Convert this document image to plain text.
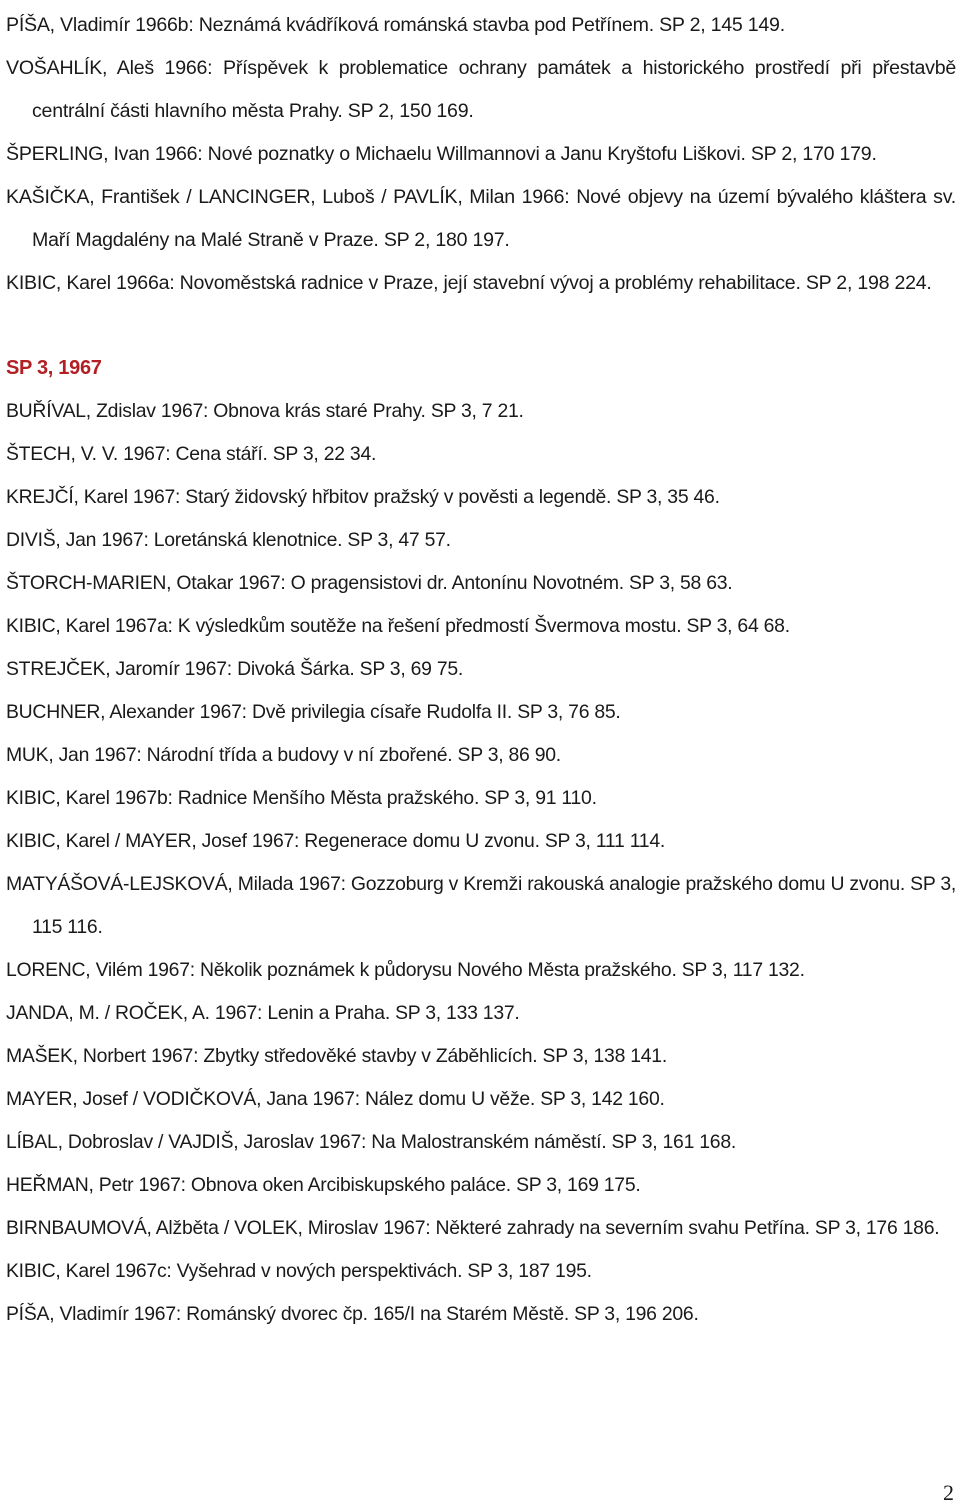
PÍŠA, Vladimír 1966b: Neznámá kvádříková románská stavba pod Petřínem. SP 2, 145 149.

VOŠAHLÍK, Aleš 1966: Příspěvek k problematice ochrany památek a historického prostředí při přestavbě centrální části hlavního města Prahy. SP 2, 150 169.

ŠPERLING, Ivan 1966: Nové poznatky o Michaelu Willmannovi a Janu Kryštofu Liškovi. SP 2, 170 179.

KAŠIČKA, František / LANCINGER, Luboš / PAVLÍK, Milan 1966: Nové objevy na území bývalého kláštera sv. Maří Magdalény na Malé Straně v Praze. SP 2, 180 197.

KIBIC, Karel 1966a: Novoměstská radnice v Praze, její stavební vývoj a problémy rehabilitace. SP 2, 198 224.

SP 3, 1967

BUŘÍVAL, Zdislav 1967: Obnova krás staré Prahy. SP 3, 7 21.

ŠTECH, V. V. 1967: Cena stáří. SP 3, 22 34.

KREJČÍ, Karel 1967: Starý židovský hřbitov pražský v pověsti a legendě. SP 3, 35 46.

DIVIŠ, Jan 1967: Loretánská klenotnice. SP 3, 47 57.

ŠTORCH-MARIEN, Otakar 1967: O pragensistovi dr. Antonínu Novotném. SP 3, 58 63.

KIBIC, Karel 1967a: K výsledkům soutěže na řešení předmostí Švermova mostu. SP 3, 64 68.

STREJČEK, Jaromír 1967: Divoká Šárka. SP 3, 69 75.

BUCHNER, Alexander 1967: Dvě privilegia císaře Rudolfa II. SP 3, 76 85.

MUK, Jan 1967: Národní třída a budovy v ní zbořené. SP 3, 86 90.

KIBIC, Karel 1967b: Radnice Menšího Města pražského. SP 3, 91 110.

KIBIC, Karel / MAYER, Josef 1967: Regenerace domu U zvonu. SP 3, 111 114.

MATYÁŠOVÁ-LEJSKOVÁ, Milada 1967: Gozzoburg v Kremži rakouská analogie pražského domu U zvonu. SP 3, 115 116.

LORENC, Vilém 1967: Několik poznámek k půdorysu Nového Města pražského. SP 3, 117 132.

JANDA, M. / ROČEK, A. 1967: Lenin a Praha. SP 3, 133 137.

MAŠEK, Norbert 1967: Zbytky středověké stavby v Záběhlicích. SP 3, 138 141.

MAYER, Josef / VODIČKOVÁ, Jana 1967: Nález domu U věže. SP 3, 142 160.

LÍBAL, Dobroslav / VAJDIŠ, Jaroslav 1967: Na Malostranském náměstí. SP 3, 161 168.

HEŘMAN, Petr 1967: Obnova oken Arcibiskupského paláce. SP 3, 169 175.

BIRNBAUMOVÁ, Alžběta / VOLEK, Miroslav 1967: Některé zahrady na severním svahu Petřína. SP 3, 176 186.

KIBIC, Karel 1967c: Vyšehrad v nových perspektivách. SP 3, 187 195.

PÍŠA, Vladimír 1967: Románský dvorec čp. 165/I na Starém Městě. SP 3, 196 206.

2
